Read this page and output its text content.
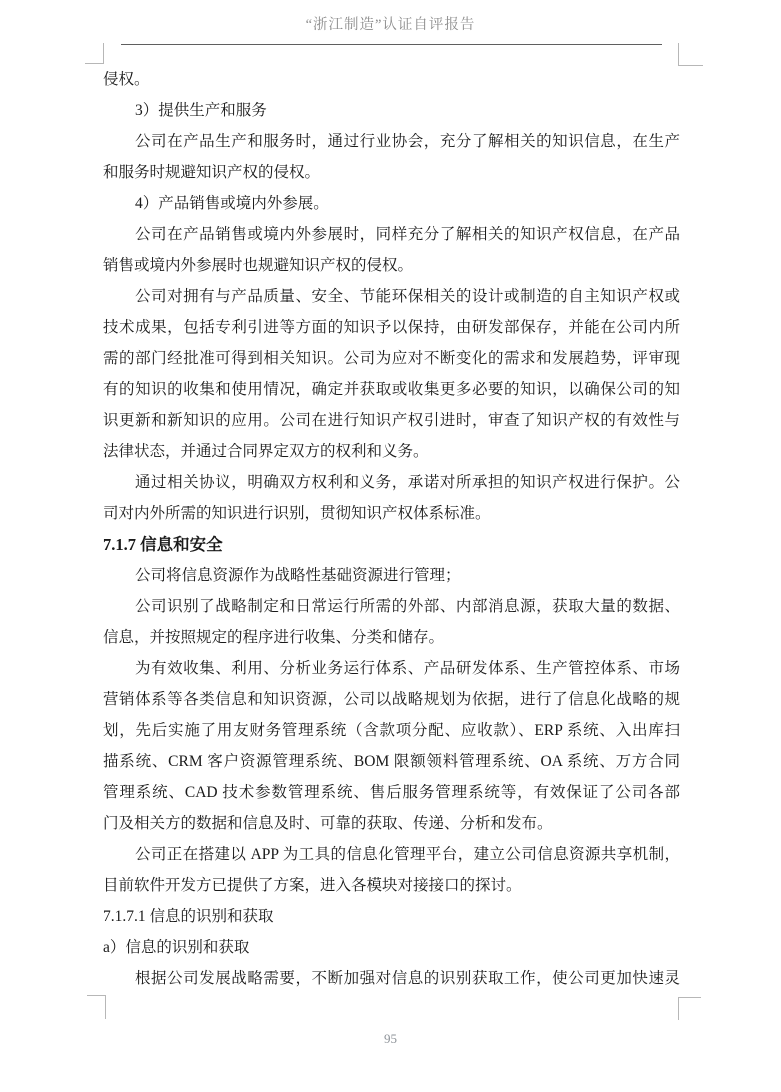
“浙江制造”认证自评报告
侵权。
3）提供生产和服务
公司在产品生产和服务时，通过行业协会，充分了解相关的知识信息，在生产
和服务时规避知识产权的侵权。
4）产品销售或境内外参展。
公司在产品销售或境内外参展时，同样充分了解相关的知识产权信息，在产品
销售或境内外参展时也规避知识产权的侵权。
公司对拥有与产品质量、安全、节能环保相关的设计或制造的自主知识产权或
技术成果，包括专利引进等方面的知识予以保持，由研发部保存，并能在公司内所
需的部门经批准可得到相关知识。公司为应对不断变化的需求和发展趋势，评审现
有的知识的收集和使用情况，确定并获取或收集更多必要的知识，以确保公司的知
识更新和新知识的应用。公司在进行知识产权引进时，审查了知识产权的有效性与
法律状态，并通过合同界定双方的权利和义务。
通过相关协议，明确双方权利和义务，承诺对所承担的知识产权进行保护。公
司对内外所需的知识进行识别，贯彻知识产权体系标准。
7.1.7 信息和安全
公司将信息资源作为战略性基础资源进行管理；
公司识别了战略制定和日常运行所需的外部、内部消息源，获取大量的数据、
信息，并按照规定的程序进行收集、分类和储存。
为有效收集、利用、分析业务运行体系、产品研发体系、生产管控体系、市场
营销体系等各类信息和知识资源，公司以战略规划为依据，进行了信息化战略的规
划，先后实施了用友财务管理系统（含款项分配、应收款）、ERP 系统、入出库扫
描系统、CRM 客户资源管理系统、BOM 限额领料管理系统、OA 系统、万方合同
管理系统、CAD 技术参数管理系统、售后服务管理系统等，有效保证了公司各部
门及相关方的数据和信息及时、可靠的获取、传递、分析和发布。
公司正在搭建以 APP 为工具的信息化管理平台，建立公司信息资源共享机制，
目前软件开发方已提供了方案，进入各模块对接接口的探讨。
7.1.7.1 信息的识别和获取
a）信息的识别和获取
根据公司发展战略需要，不断加强对信息的识别获取工作，使公司更加快速灵
95
